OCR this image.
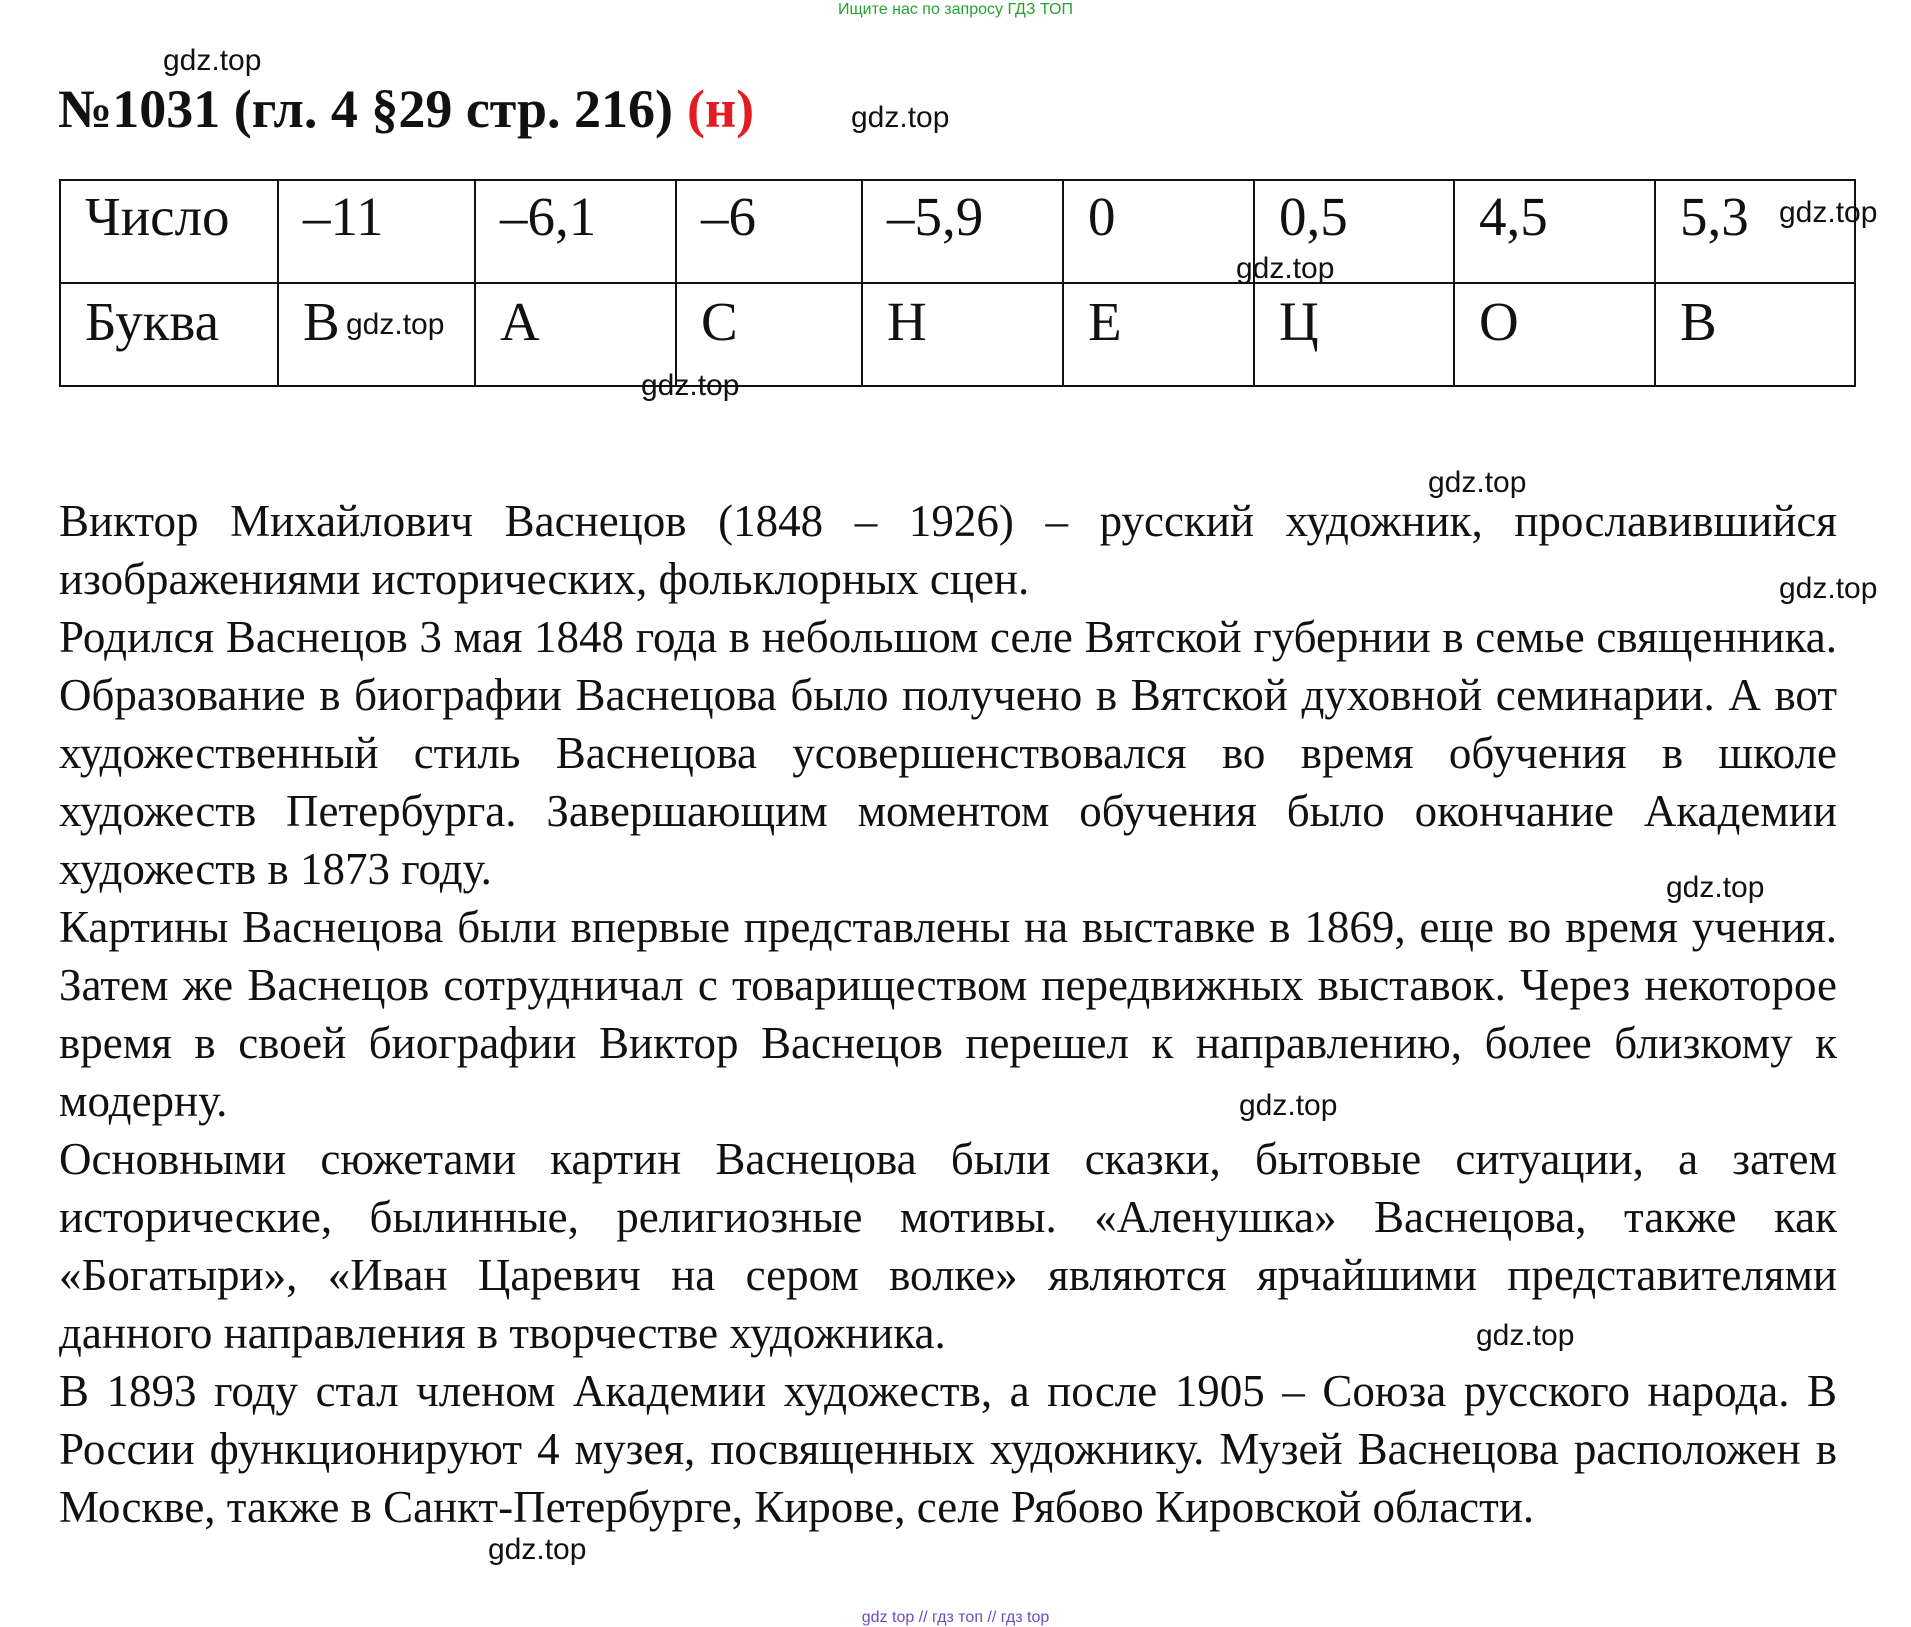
Ищите нас по запросу ГДЗ ТОП
№1031 (гл. 4 §29 стр. 216) (н)
Число	–11	–6,1	–6	–5,9	0	0,5	4,5	5,3

Буква	В	А	С	Н	Е	Ц	О	В

Виктор Михайлович Васнецов (1848 – 1926) – русский художник, прославившийся изображениями исторических, фольклорных сцен.

Родился Васнецов 3 мая 1848 года в небольшом селе Вятской губернии в семье священника. Образование в биографии Васнецова было получено в Вятской духовной семинарии. А вот художественный стиль Васнецова усовершенствовался во время обучения в школе художеств Петербурга. Завершающим моментом обучения было окончание Академии художеств в 1873 году.

Картины Васнецова были впервые представлены на выставке в 1869, еще во время учения. Затем же Васнецов сотрудничал с товариществом передвижных выставок. Через некоторое время в своей биографии Виктор Васнецов перешел к направлению, более близкому к модерну.

Основными сюжетами картин Васнецова были сказки, бытовые ситуации, а затем исторические, былинные, религиозные мотивы. «Аленушка» Васнецова, также как «Богатыри», «Иван Царевич на сером волке» являются ярчайшими представителями данного направления в творчестве художника.

В 1893 году стал членом Академии художеств, а после 1905 – Союза русского народа. В России функционируют 4 музея, посвященных художнику. Музей Васнецова расположен в Москве, также в Санкт-Петербурге, Кирове, селе Рябово Кировской области.

gdz.top
gdz.top
gdz.top
gdz.top
gdz.top
gdz.top
gdz.top
gdz.top
gdz.top
gdz.top
gdz.top
gdz.top
gdz top // гдз топ // гдз top
